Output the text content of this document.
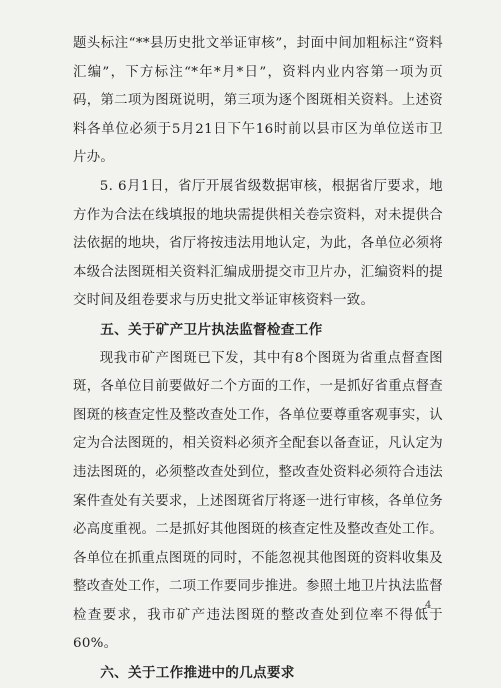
题头标注“**县历史批文举证审核”，封面中间加粗标注“资料汇编”，下方标注“*年*月*日”，资料内业内容第一项为页码，第二项为图斑说明，第三项为逐个图斑相关资料。上述资料各单位必须于5月21日下午16时前以县市区为单位送市卫片办。

5. 6月1日，省厅开展省级数据审核，根据省厅要求，地方作为合法在线填报的地块需提供相关卷宗资料，对未提供合法依据的地块，省厅将按违法用地认定，为此，各单位必须将本级合法图斑相关资料汇编成册提交市卫片办，汇编资料的提交时间及组卷要求与历史批文举证审核资料一致。

五、关于矿产卫片执法监督检查工作

现我市矿产图斑已下发，其中有8个图斑为省重点督查图斑，各单位目前要做好二个方面的工作，一是抓好省重点督查图斑的核查定性及整改查处工作，各单位要尊重客观事实，认定为合法图斑的，相关资料必须齐全配套以备查证，凡认定为违法图斑的，必须整改查处到位，整改查处资料必须符合违法案件查处有关要求，上述图斑省厅将逐一进行审核，各单位务必高度重视。二是抓好其他图斑的核查定性及整改查处工作。各单位在抓重点图斑的同时，不能忽视其他图斑的资料收集及整改查处工作，二项工作要同步推进。参照土地卫片执法监督检查要求，我市矿产违法图斑的整改查处到位率不得低于60%。

六、关于工作推进中的几点要求
4
